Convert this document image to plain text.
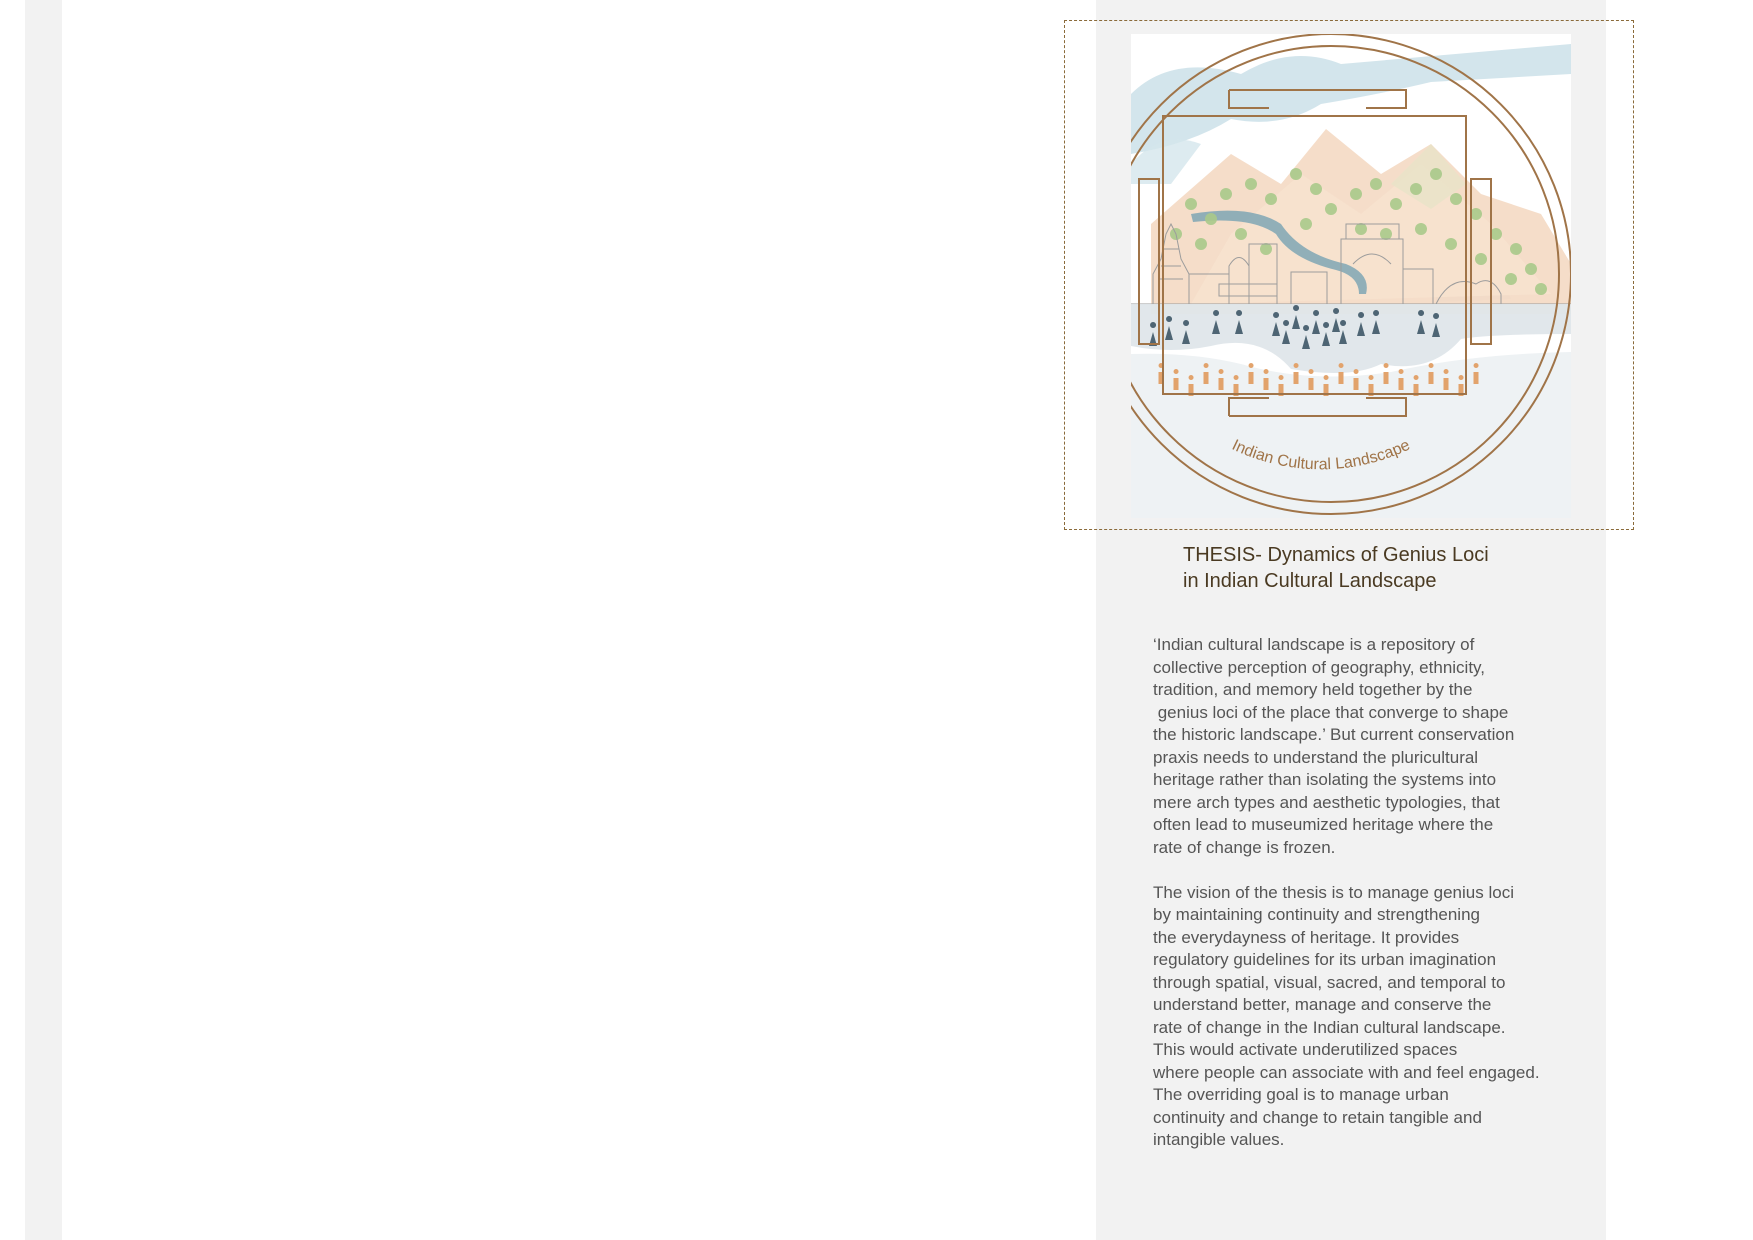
Indian Cultural Landscape
THESIS- Dynamics of Genius Loci
in Indian Cultural Landscape
‘Indian cultural landscape is a repository of
collective perception of geography, ethnicity,
tradition, and memory held together by the
genius loci of the place that converge to shape
the historic landscape.’ But current conservation
praxis needs to understand the pluricultural
heritage rather than isolating the systems into
mere arch types and aesthetic typologies, that
often lead to museumized heritage where the
rate of change is frozen.
The vision of the thesis is to manage genius loci
by maintaining continuity and strengthening
the everydayness of heritage. It provides
regulatory guidelines for its urban imagination
through spatial, visual, sacred, and temporal to
understand better, manage and conserve the
rate of change in the Indian cultural landscape.
This would activate underutilized spaces
where people can associate with and feel engaged.
The overriding goal is to manage urban
continuity and change to retain tangible and
intangible values.
